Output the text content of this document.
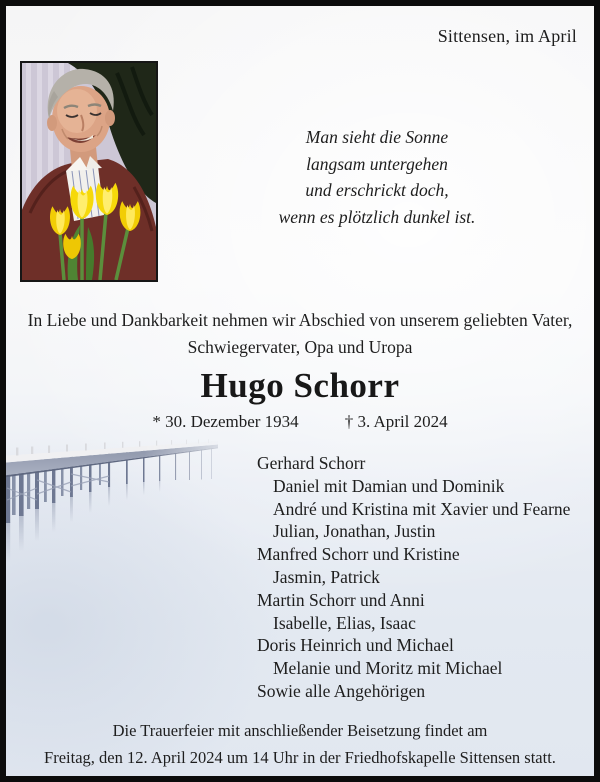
Sittensen, im April
Man sieht die Sonne
langsam untergehen
und erschrickt doch,
wenn es plötzlich dunkel ist.
In Liebe und Dankbarkeit nehmen wir Abschied von unserem geliebten Vater,
Schwiegervater, Opa und Uropa
Hugo Schorr
* 30. Dezember 1934	† 3. April 2024
Gerhard Schorr
Daniel mit Damian und Dominik
André und Kristina mit Xavier und Fearne
Julian, Jonathan, Justin
Manfred Schorr und Kristine
Jasmin, Patrick
Martin Schorr und Anni
Isabelle, Elias, Isaac
Doris Heinrich und Michael
Melanie und Moritz mit Michael
Sowie alle Angehörigen
Die Trauerfeier mit anschließender Beisetzung findet am
Freitag, den 12. April 2024 um 14 Uhr in der Friedhofskapelle Sittensen statt.
